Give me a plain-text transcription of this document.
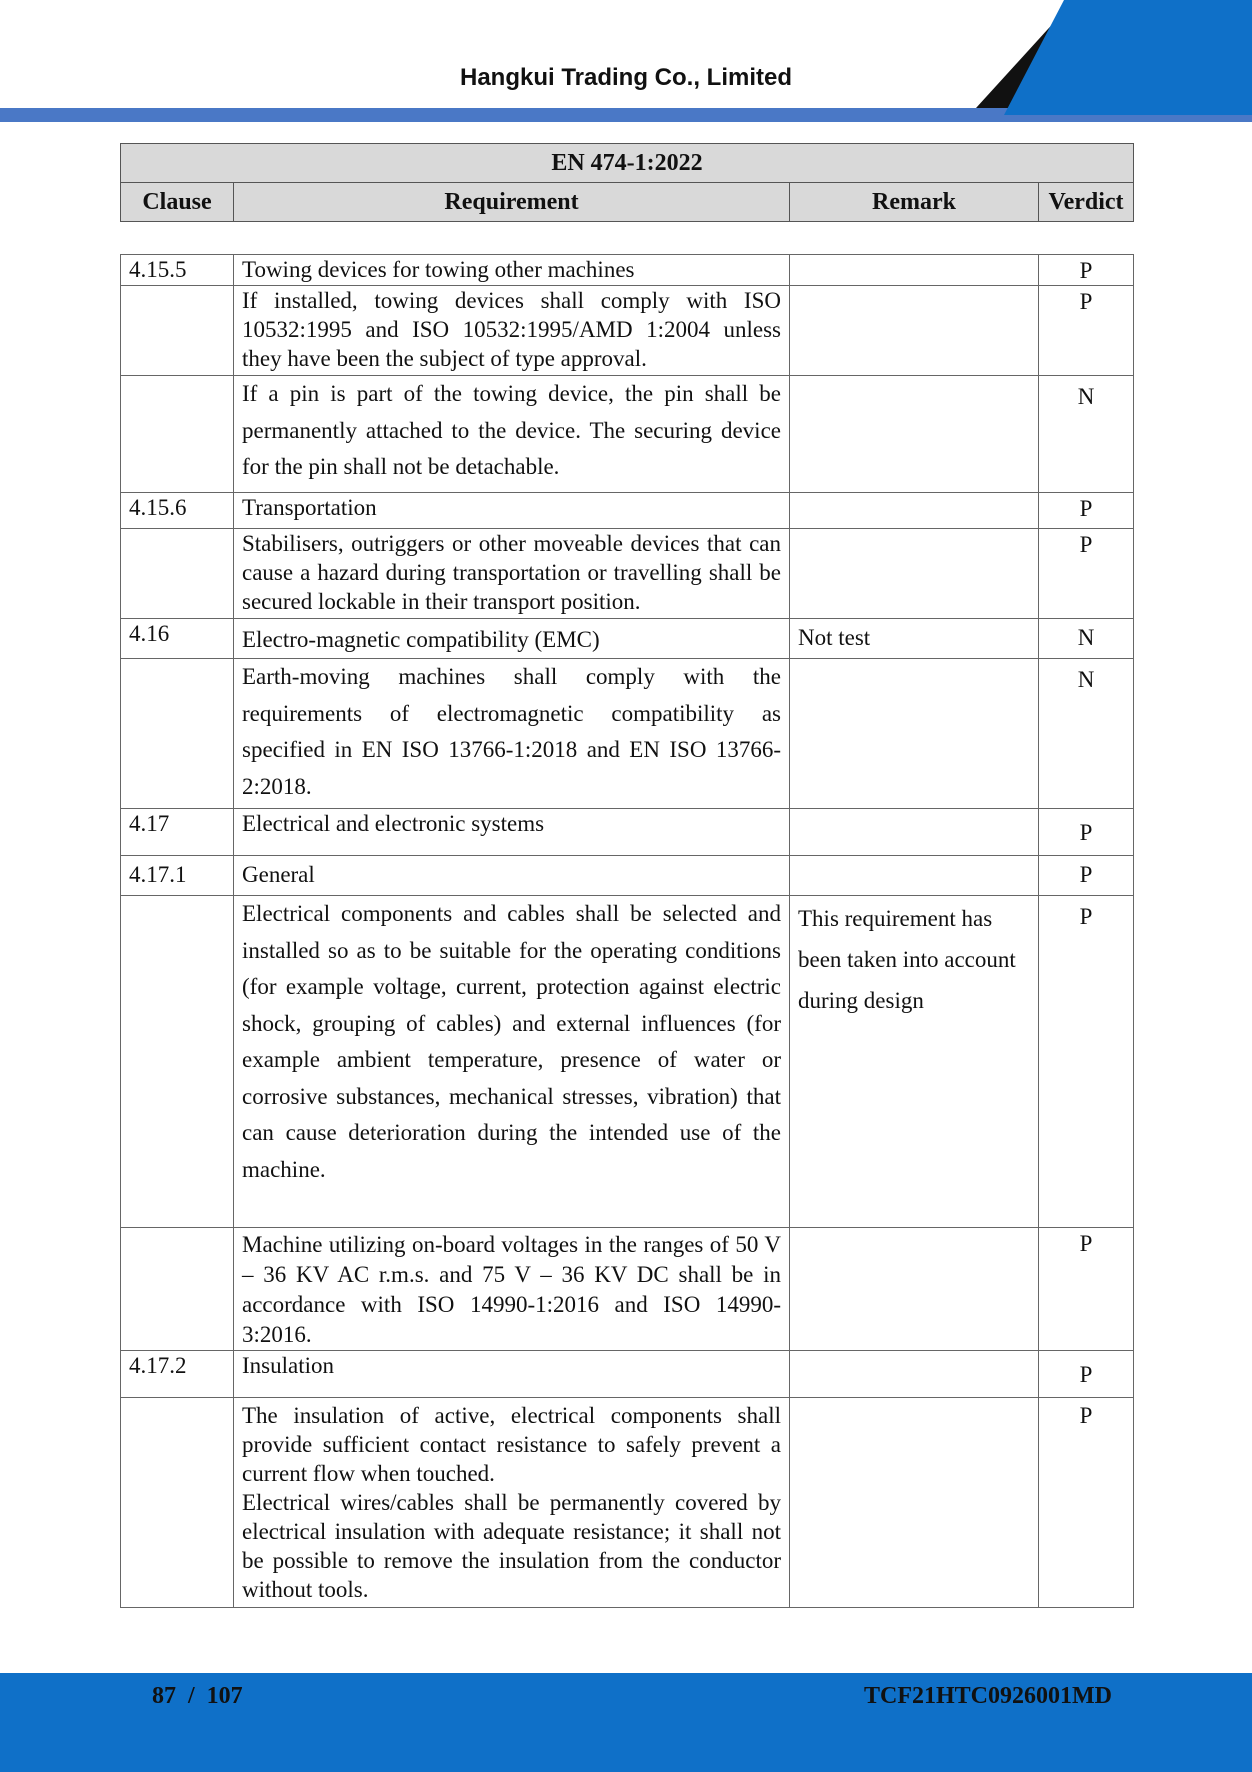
Hangkui Trading Co., Limited
EN 474-1:2022
Clause	Requirement	Remark	Verdict
4.15.5	Towing devices for towing other machines		P
	If installed, towing devices shall comply with ISO 10532:1995 and ISO 10532:1995/AMD 1:2004 unless they have been the subject of type approval.		P
	If a pin is part of the towing device, the pin shall be permanently attached to the device. The securing device for the pin shall not be detachable.		N
4.15.6	Transportation		P
	Stabilisers, outriggers or other moveable devices that can cause a hazard during transportation or travelling shall be secured lockable in their transport position.		P
4.16	Electro-magnetic compatibility (EMC)	Not test	N
	Earth-moving machines shall comply with the requirements of electromagnetic compatibility as specified in EN ISO 13766-1:2018 and EN ISO 13766-2:2018.		N
4.17	Electrical and electronic systems		P
4.17.1	General		P
	Electrical components and cables shall be selected and installed so as to be suitable for the operating conditions (for example voltage, current, protection against electric shock, grouping of cables) and external influences (for example ambient temperature, presence of water or corrosive substances, mechanical stresses, vibration) that can cause deterioration during the intended use of the machine.	This requirement has been taken into account during design	P
	Machine utilizing on-board voltages in the ranges of 50 V – 36 KV AC r.m.s. and 75 V – 36 KV DC shall be in accordance with ISO 14990-1:2016 and ISO 14990-3:2016.		P
4.17.2	Insulation		P

	The insulation of active, electrical components shall provide sufficient contact resistance to safely prevent a current flow when touched.
Electrical wires/cables shall be permanently covered by electrical insulation with adequate resistance; it shall not be possible to remove the insulation from the conductor without tools.		P
87  /  107	TCF21HTC0926001MD
